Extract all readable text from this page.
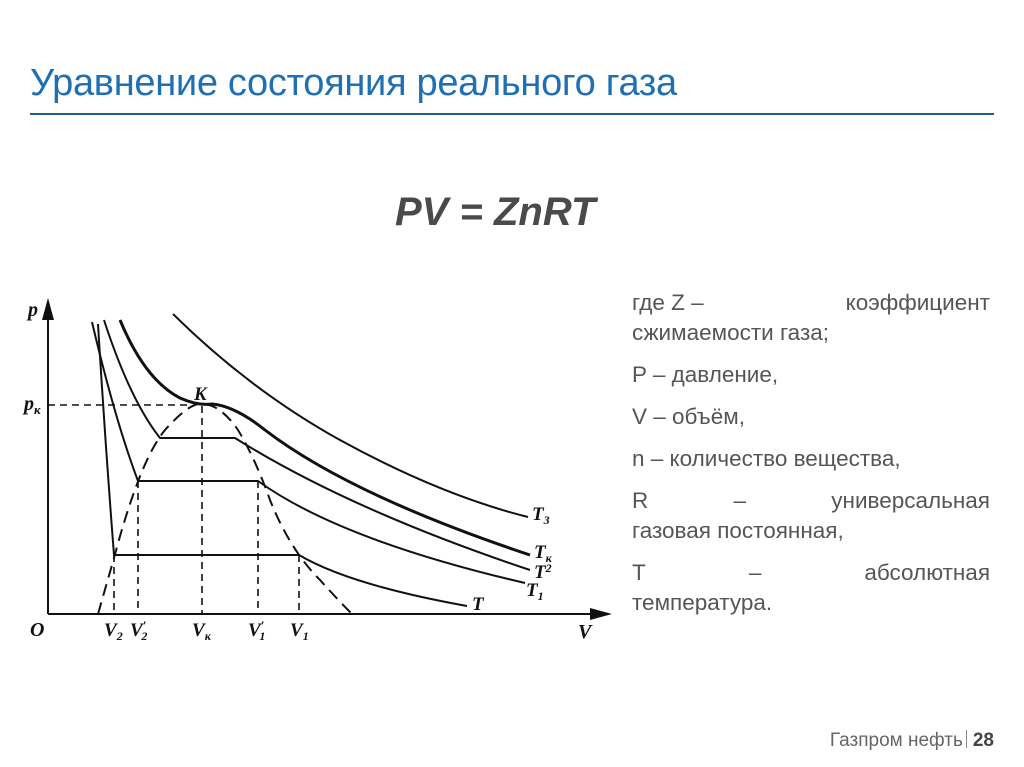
Уравнение состояния реального газа
PV = ZnRT
p
V
O
$p_к$
K
$T_3$
$T_к$
$T^2$
$T_1$
T
$V_2$ V′ 2 $V_к$ V′ 1 $V_1$

где Z –	коэффициент
сжимаемости газа;

P – давление,

V – объём,

n – количество вещества,

R	–	универсальная
газовая постоянная,

T	–	абсолютная
температура.

Газпром нефть 28
